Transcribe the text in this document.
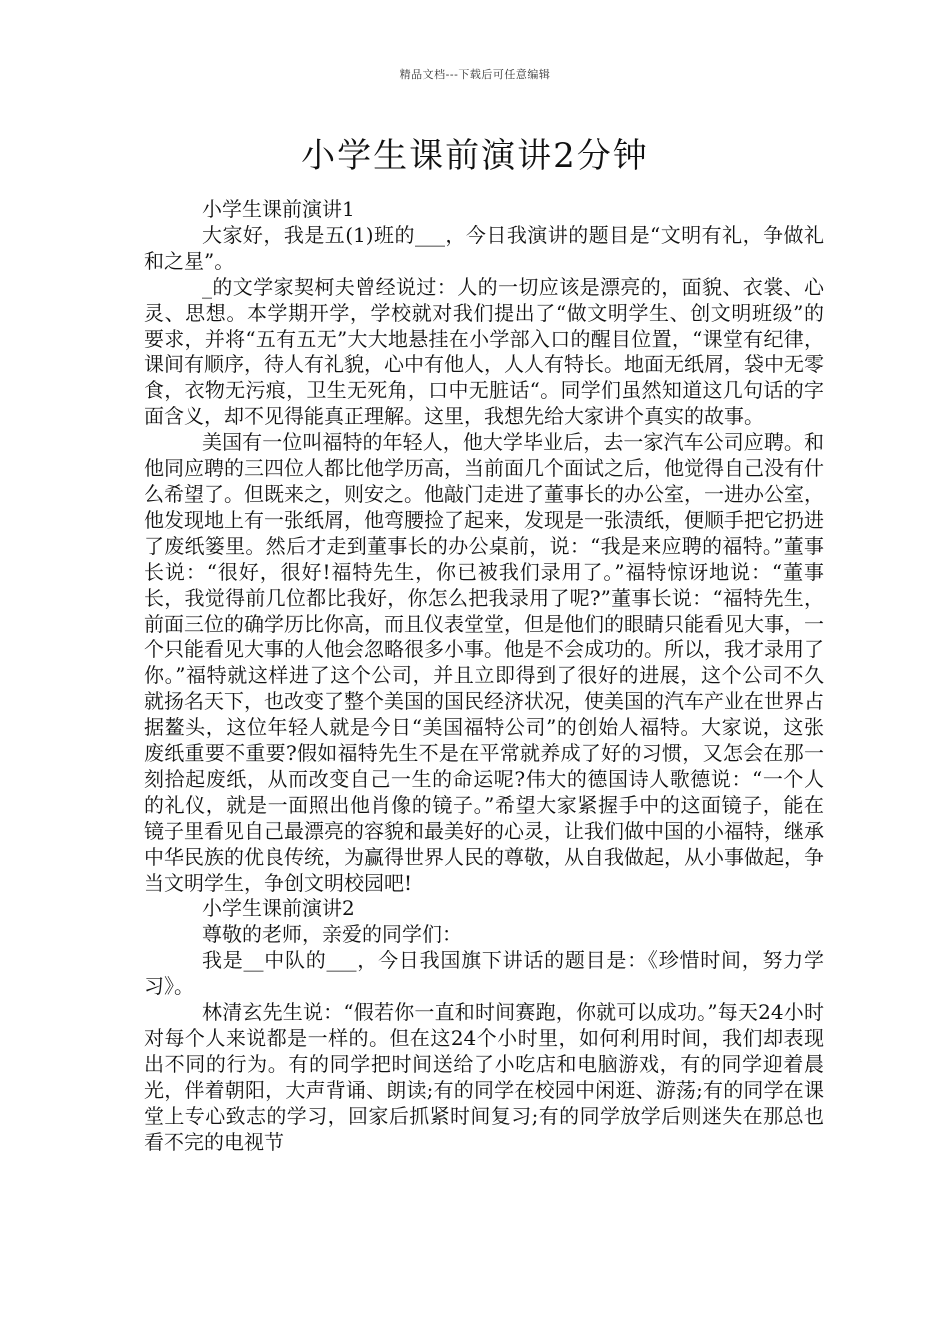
精品文档---下载后可任意编辑
小学生课前演讲2分钟

小学生课前演讲1

大家好，我是五(1)班的___，今日我演讲的题目是“文明有礼，争做礼和之星”。

_的文学家契柯夫曾经说过：人的一切应该是漂亮的，面貌、衣裳、心灵、思想。本学期开学，学校就对我们提出了“做文明学生、创文明班级”的要求，并将“五有五无”大大地悬挂在小学部入口的醒目位置，“课堂有纪律，课间有顺序，待人有礼貌，心中有他人，人人有特长。地面无纸屑，袋中无零食，衣物无污痕，卫生无死角，口中无脏话“。同学们虽然知道这几句话的字面含义，却不见得能真正理解。这里，我想先给大家讲个真实的故事。

美国有一位叫福特的年轻人，他大学毕业后，去一家汽车公司应聘。和他同应聘的三四位人都比他学历高，当前面几个面试之后，他觉得自己没有什么希望了。但既来之，则安之。他敲门走进了董事长的办公室，一进办公室，他发现地上有一张纸屑，他弯腰捡了起来，发现是一张渍纸，便顺手把它扔进了废纸篓里。然后才走到董事长的办公桌前，说：“我是来应聘的福特。”董事长说：“很好，很好!福特先生，你已被我们录用了。”福特惊讶地说：“董事长，我觉得前几位都比我好，你怎么把我录用了呢?”董事长说：“福特先生，前面三位的确学历比你高，而且仪表堂堂，但是他们的眼睛只能看见大事，一个只能看见大事的人他会忽略很多小事。他是不会成功的。所以，我才录用了你。”福特就这样进了这个公司，并且立即得到了很好的进展，这个公司不久就扬名天下，也改变了整个美国的国民经济状况，使美国的汽车产业在世界占据鳌头，这位年轻人就是今日“美国福特公司”的创始人福特。大家说，这张废纸重要不重要?假如福特先生不是在平常就养成了好的习惯，又怎会在那一刻拾起废纸，从而改变自己一生的命运呢?伟大的德国诗人歌德说：“一个人的礼仪，就是一面照出他肖像的镜子。”希望大家紧握手中的这面镜子，能在镜子里看见自己最漂亮的容貌和最美好的心灵，让我们做中国的小福特，继承中华民族的优良传统，为赢得世界人民的尊敬，从自我做起，从小事做起，争当文明学生，争创文明校园吧!

小学生课前演讲2

尊敬的老师，亲爱的同学们：

我是__中队的___，今日我国旗下讲话的题目是：《珍惜时间，努力学习》。

林清玄先生说：“假若你一直和时间赛跑，你就可以成功。”每天24小时对每个人来说都是一样的。但在这24个小时里，如何利用时间，我们却表现出不同的行为。有的同学把时间送给了小吃店和电脑游戏，有的同学迎着晨光，伴着朝阳，大声背诵、朗读;有的同学在校园中闲逛、游荡;有的同学在课堂上专心致志的学习，回家后抓紧时间复习;有的同学放学后则迷失在那总也看不完的电视节
